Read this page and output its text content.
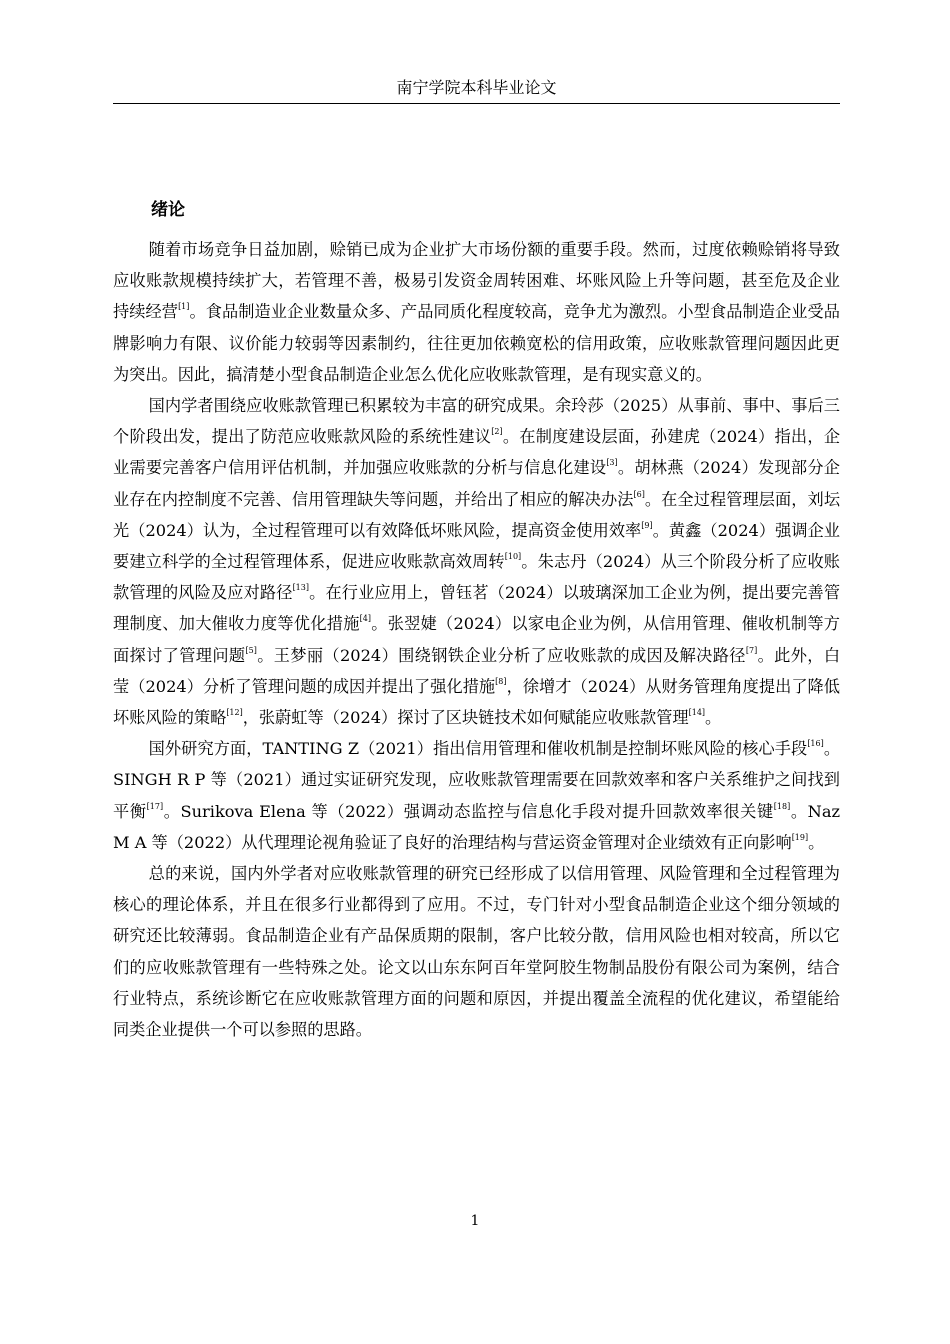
南宁学院本科毕业论文
绪论

随着市场竞争日益加剧，赊销已成为企业扩大市场份额的重要手段。然而，过度依赖赊销将导致应收账款规模持续扩大，若管理不善，极易引发资金周转困难、坏账风险上升等问题，甚至危及企业持续经营[1]。食品制造业企业数量众多、产品同质化程度较高，竞争尤为激烈。小型食品制造企业受品牌影响力有限、议价能力较弱等因素制约，往往更加依赖宽松的信用政策，应收账款管理问题因此更为突出。因此，搞清楚小型食品制造企业怎么优化应收账款管理，是有现实意义的。

国内学者围绕应收账款管理已积累较为丰富的研究成果。余玲莎（2025）从事前、事中、事后三个阶段出发，提出了防范应收账款风险的系统性建议[2]。在制度建设层面，孙建虎（2024）指出，企业需要完善客户信用评估机制，并加强应收账款的分析与信息化建设[3]。胡林燕（2024）发现部分企业存在内控制度不完善、信用管理缺失等问题，并给出了相应的解决办法[6]。在全过程管理层面，刘坛光（2024）认为，全过程管理可以有效降低坏账风险，提高资金使用效率[9]。黄鑫（2024）强调企业要建立科学的全过程管理体系，促进应收账款高效周转[10]。朱志丹（2024）从三个阶段分析了应收账款管理的风险及应对路径[13]。在行业应用上，曾钰茗（2024）以玻璃深加工企业为例，提出要完善管理制度、加大催收力度等优化措施[4]。张翌婕（2024）以家电企业为例，从信用管理、催收机制等方面探讨了管理问题[5]。王梦丽（2024）围绕钢铁企业分析了应收账款的成因及解决路径[7]。此外，白莹（2024）分析了管理问题的成因并提出了强化措施[8]，徐增才（2024）从财务管理角度提出了降低坏账风险的策略[12]，张蔚虹等（2024）探讨了区块链技术如何赋能应收账款管理[14]。

国外研究方面，TANTING Z（2021）指出信用管理和催收机制是控制坏账风险的核心手段[16]。SINGH R P 等（2021）通过实证研究发现，应收账款管理需要在回款效率和客户关系维护之间找到平衡[17]。Surikova Elena 等（2022）强调动态监控与信息化手段对提升回款效率很关键[18]。Naz M A 等（2022）从代理理论视角验证了良好的治理结构与营运资金管理对企业绩效有正向影响[19]。

总的来说，国内外学者对应收账款管理的研究已经形成了以信用管理、风险管理和全过程管理为核心的理论体系，并且在很多行业都得到了应用。不过，专门针对小型食品制造企业这个细分领域的研究还比较薄弱。食品制造企业有产品保质期的限制，客户比较分散，信用风险也相对较高，所以它们的应收账款管理有一些特殊之处。论文以山东东阿百年堂阿胶生物制品股份有限公司为案例，结合行业特点，系统诊断它在应收账款管理方面的问题和原因，并提出覆盖全流程的优化建议，希望能给同类企业提供一个可以参照的思路。

1
